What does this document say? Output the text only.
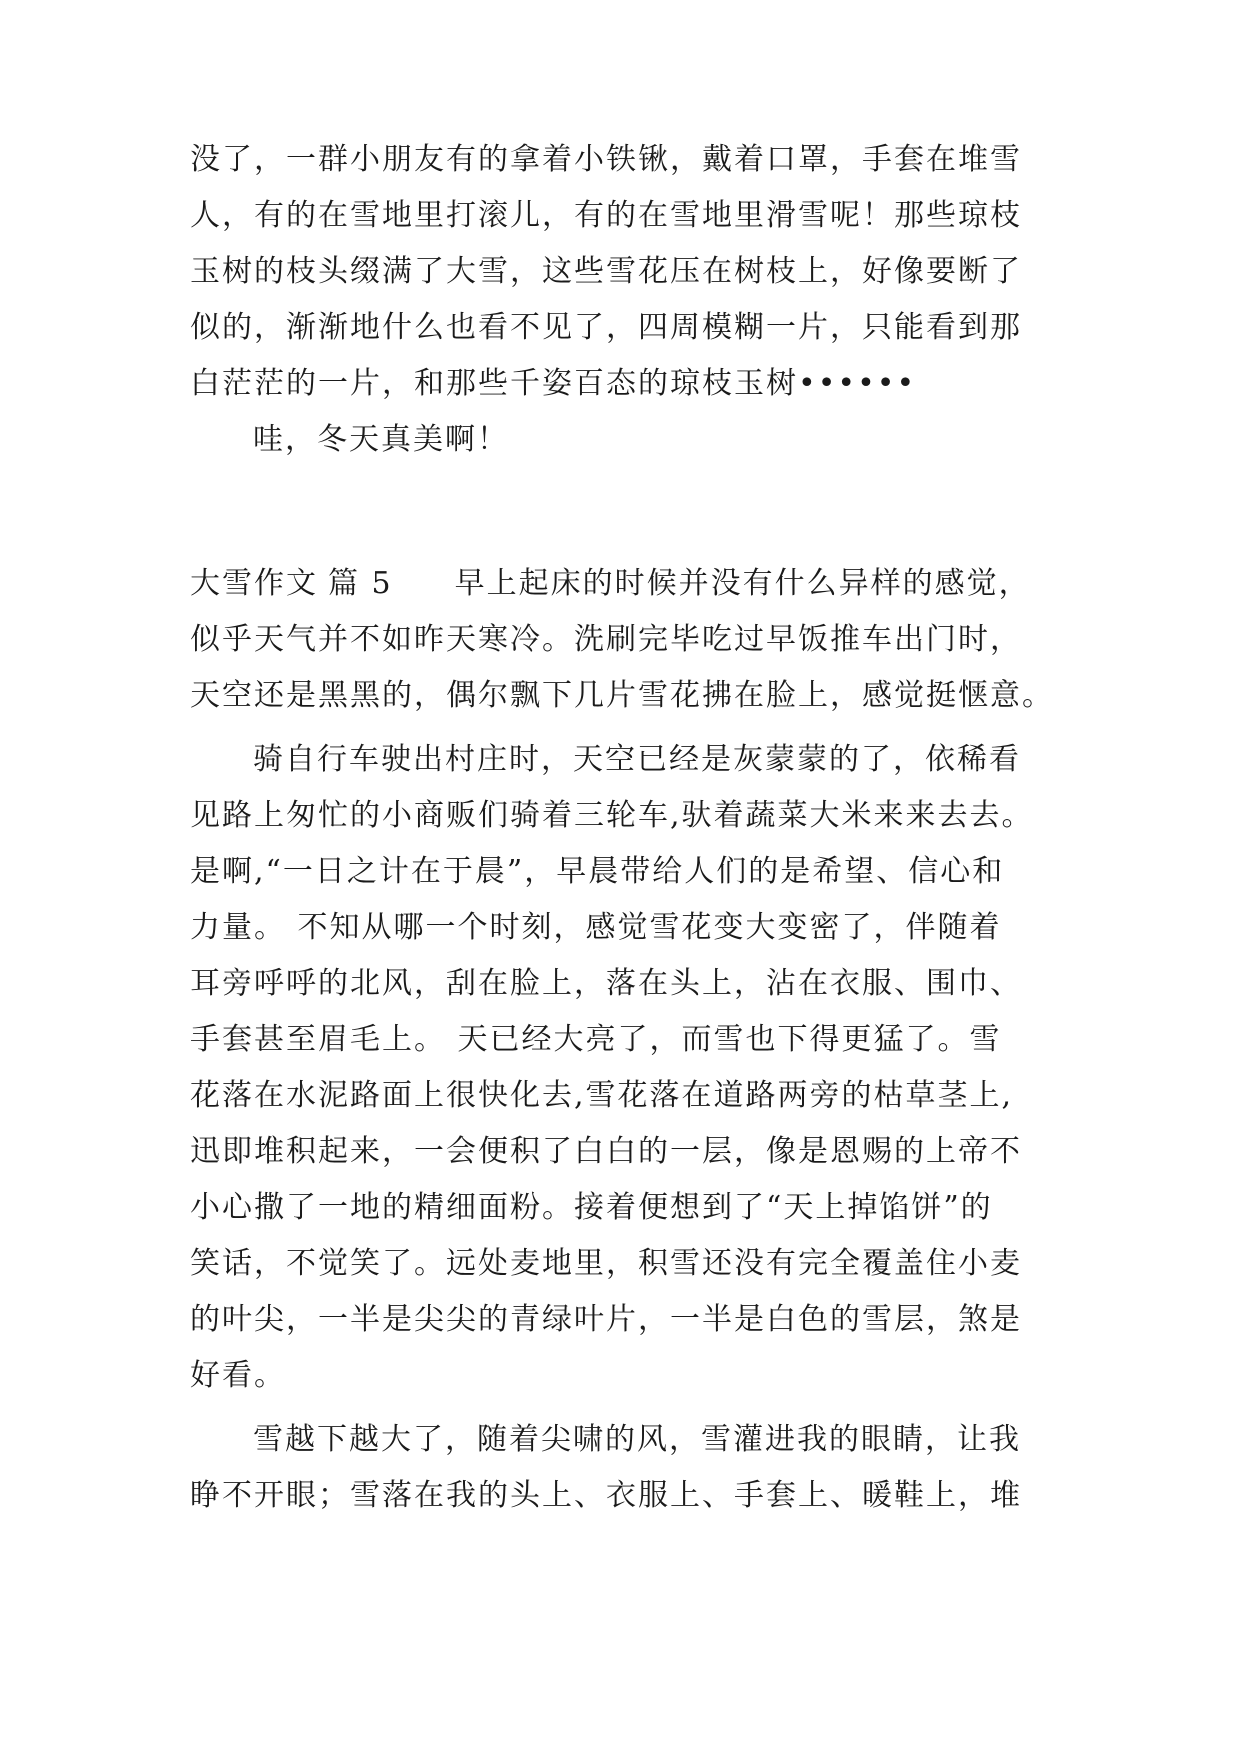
没了，一群小朋友有的拿着小铁锹，戴着口罩，手套在堆雪
人，有的在雪地里打滚儿，有的在雪地里滑雪呢！那些琼枝
玉树的枝头缀满了大雪，这些雪花压在树枝上，好像要断了
似的，渐渐地什么也看不见了，四周模糊一片，只能看到那
白茫茫的一片，和那些千姿百态的琼枝玉树••••••
哇，冬天真美啊！
大雪作文 篇 5 早上起床的时候并没有什么异样的感觉，
似乎天气并不如昨天寒冷。洗刷完毕吃过早饭推车出门时，
天空还是黑黑的，偶尔飘下几片雪花拂在脸上，感觉挺惬意。
骑自行车驶出村庄时，天空已经是灰蒙蒙的了，依稀看
见路上匆忙的小商贩们骑着三轮车,驮着蔬菜大米来来去去。
是啊,“一日之计在于晨”，早晨带给人们的是希望、信心和
力量。 不知从哪一个时刻，感觉雪花变大变密了，伴随着
耳旁呼呼的北风，刮在脸上，落在头上，沾在衣服、围巾、
手套甚至眉毛上。 天已经大亮了，而雪也下得更猛了。雪
花落在水泥路面上很快化去,雪花落在道路两旁的枯草茎上,
迅即堆积起来，一会便积了白白的一层，像是恩赐的上帝不
小心撒了一地的精细面粉。接着便想到了“天上掉馅饼”的
笑话，不觉笑了。远处麦地里，积雪还没有完全覆盖住小麦
的叶尖，一半是尖尖的青绿叶片，一半是白色的雪层，煞是
好看。
雪越下越大了，随着尖啸的风，雪灌进我的眼睛，让我
睁不开眼；雪落在我的头上、衣服上、手套上、暖鞋上，堆
